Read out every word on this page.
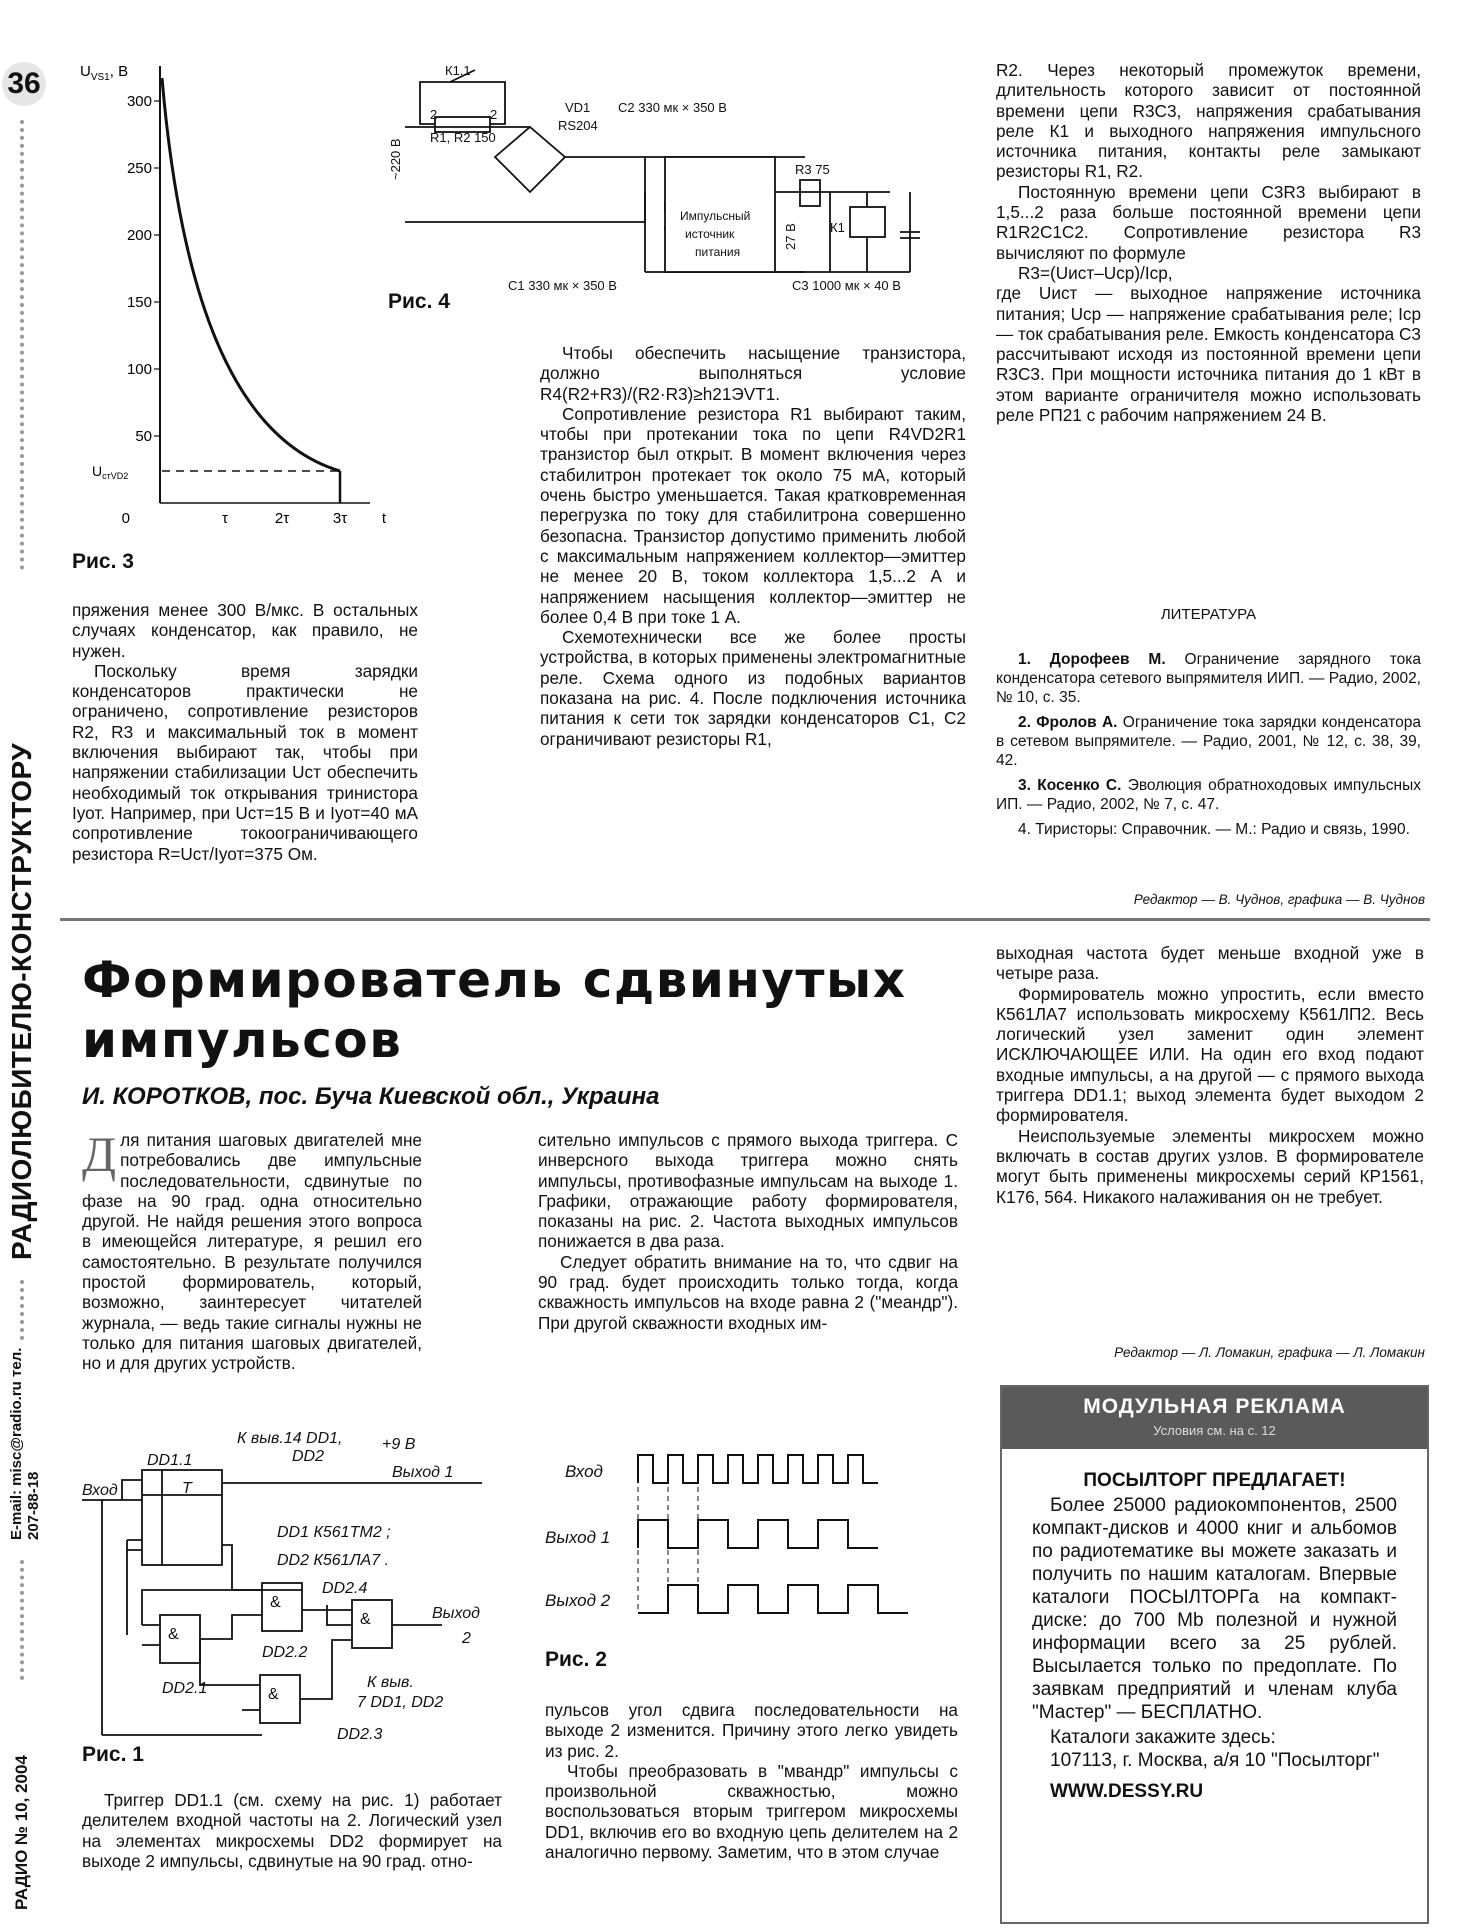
36
РАДИОЛЮБИТЕЛЮ-КОНСТРУКТОРУ
E-mail: misc@radio.ru тел. 207-88-18
РАДИО № 10, 2004
$U_{VS1}$, В
300
250
200
150
100
50
0
$U_{стVD2}$
τ	2τ	3τ t
Рис. 3
К1.1
2	2
R1, R2 150
VD1
RS204
С2 330 мк × 350 В
~220 В
Импульсный
источник
питания
R3 75
К1
27 В
С1 330 мк × 350 В	С3 1000 мк × 40 В
Рис. 4

пряжения менее 300 В/мкс. В остальных случаях конденсатор, как правило, не нужен.

Поскольку время зарядки конденсаторов практически не ограничено, сопротивление резисторов R2, R3 и максимальный ток в момент включения выбирают так, чтобы при напряжении стабилизации Uст обеспечить необходимый ток открывания тринистора Iуот. Например, при Uст=15 В и Iуот=40 мА сопротивление токоограничивающего резистора R=Uст/Iуот=375 Ом.

Чтобы обеспечить насыщение транзистора, должно выполняться условие R4(R2+R3)/(R2·R3)≥h21ЭVT1.

Сопротивление резистора R1 выбирают таким, чтобы при протекании тока по цепи R4VD2R1 транзистор был открыт. В момент включения через стабилитрон протекает ток около 75 мА, который очень быстро уменьшается. Такая кратковременная перегрузка по току для стабилитрона совершенно безопасна. Транзистор допустимо применить любой с максимальным напряжением коллектор—эмиттер не менее 20 В, током коллектора 1,5...2 А и напряжением насыщения коллектор—эмиттер не более 0,4 В при токе 1 А.

Схемотехнически все же более просты устройства, в которых применены электромагнитные реле. Схема одного из подобных вариантов показана на рис. 4. После подключения источника питания к сети ток зарядки конденсаторов С1, С2 ограничивают резисторы R1,

R2. Через некоторый промежуток времени, длительность которого зависит от постоянной времени цепи R3C3, напряжения срабатывания реле К1 и выходного напряжения импульсного источника питания, контакты реле замыкают резисторы R1, R2.

Постоянную времени цепи C3R3 выбирают в 1,5...2 раза больше постоянной времени цепи R1R2C1C2. Сопротивление резистора R3 вычисляют по формуле

R3=(Uист–Uср)/Iср,

где Uист — выходное напряжение источника питания; Uср — напряжение срабатывания реле; Iср — ток срабатывания реле. Емкость конденсатора С3 рассчитывают исходя из постоянной времени цепи R3C3. При мощности источника питания до 1 кВт в этом варианте ограничителя можно использовать реле РП21 с рабочим напряжением 24 В.

ЛИТЕРАТУРА

1. Дорофеев М. Ограничение зарядного тока конденсатора сетевого выпрямителя ИИП. — Радио, 2002, № 10, с. 35.

2. Фролов А. Ограничение тока зарядки конденсатора в сетевом выпрямителе. — Радио, 2001, № 12, с. 38, 39, 42.

3. Косенко С. Эволюция обратноходовых импульсных ИП. — Радио, 2002, № 7, с. 47.

4. Тиристоры: Справочник. — М.: Радио и связь, 1990.

Редактор — В. Чуднов, графика — В. Чуднов
Формирователь сдвинутых
импульсов
И. КОРОТКОВ, пос. Буча Киевской обл., Украина
Д ля питания шаговых двигателей мне потребовались две импульсные последовательности, сдвинутые по фазе на 90 град. одна относительно другой. Не найдя решения этого вопроса в имеющейся литературе, я решил его самостоятельно. В результате получился простой формирователь, который, возможно, заинтересует читателей журнала, — ведь такие сигналы нужны не только для питания шаговых двигателей, но и для других устройств.
DD1.1
T
Вход
К выв.14 DD1,
DD2
+9 В
Выход 1
DD1 К561ТМ2 ;
DD2 К561ЛА7 .
DD2.4
DD2.2
DD2.1
DD2.3
Выход
2
К выв.
7 DD1, DD2
&
&
&
&
Рис. 1

Триггер DD1.1 (см. схему на рис. 1) работает делителем входной частоты на 2. Логический узел на элементах микросхемы DD2 формирует на выходе 2 импульсы, сдвинутые на 90 град. отно-

сительно импульсов с прямого выхода триггера. С инверсного выхода триггера можно снять импульсы, противофазные импульсам на выходе 1. Графики, отражающие работу формирователя, показаны на рис. 2. Частота выходных импульсов понижается в два раза.

Следует обратить внимание на то, что сдвиг на 90 град. будет происходить только тогда, когда скважность импульсов на входе равна 2 ("меандр"). При другой скважности входных им-

Вход
Выход 1
Выход 2
Рис. 2

пульсов угол сдвига последовательности на выходе 2 изменится. Причину этого легко увидеть из рис. 2.

Чтобы преобразовать в "мвандр" импульсы с произвольной скважностью, можно воспользоваться вторым триггером микросхемы DD1, включив его во входную цепь делителем на 2 аналогично первому. Заметим, что в этом случае

выходная частота будет меньше входной уже в четыре раза.

Формирователь можно упростить, если вместо К561ЛА7 использовать микросхему К561ЛП2. Весь логический узел заменит один элемент ИСКЛЮЧАЮЩЕЕ ИЛИ. На один его вход подают входные импульсы, а на другой — с прямого выхода триггера DD1.1; выход элемента будет выходом 2 формирователя.

Неиспользуемые элементы микросхем можно включать в состав других узлов. В формирователе могут быть применены микросхемы серий КР1561, К176, 564. Никакого налаживания он не требует.

Редактор — Л. Ломакин, графика — Л. Ломакин
МОДУЛЬНАЯ РЕКЛАМА
Условия см. на с. 12
ПОСЫЛТОРГ ПРЕДЛАГАЕТ!
Более 25000 радиокомпонентов, 2500 компакт-дисков и 4000 книг и альбомов по радиотематике вы можете заказать и получить по нашим каталогам. Впервые каталоги ПОСЫЛТОРГа на компакт-диске: до 700 Mb полезной и нужной информации всего за 25 рублей. Высылается только по предоплате. По заявкам предприятий и членам клуба "Мастер" — БЕСПЛАТНО.
Каталоги закажите здесь:
107113, г. Москва, а/я 10 "Посылторг"
WWW.DESSY.RU
